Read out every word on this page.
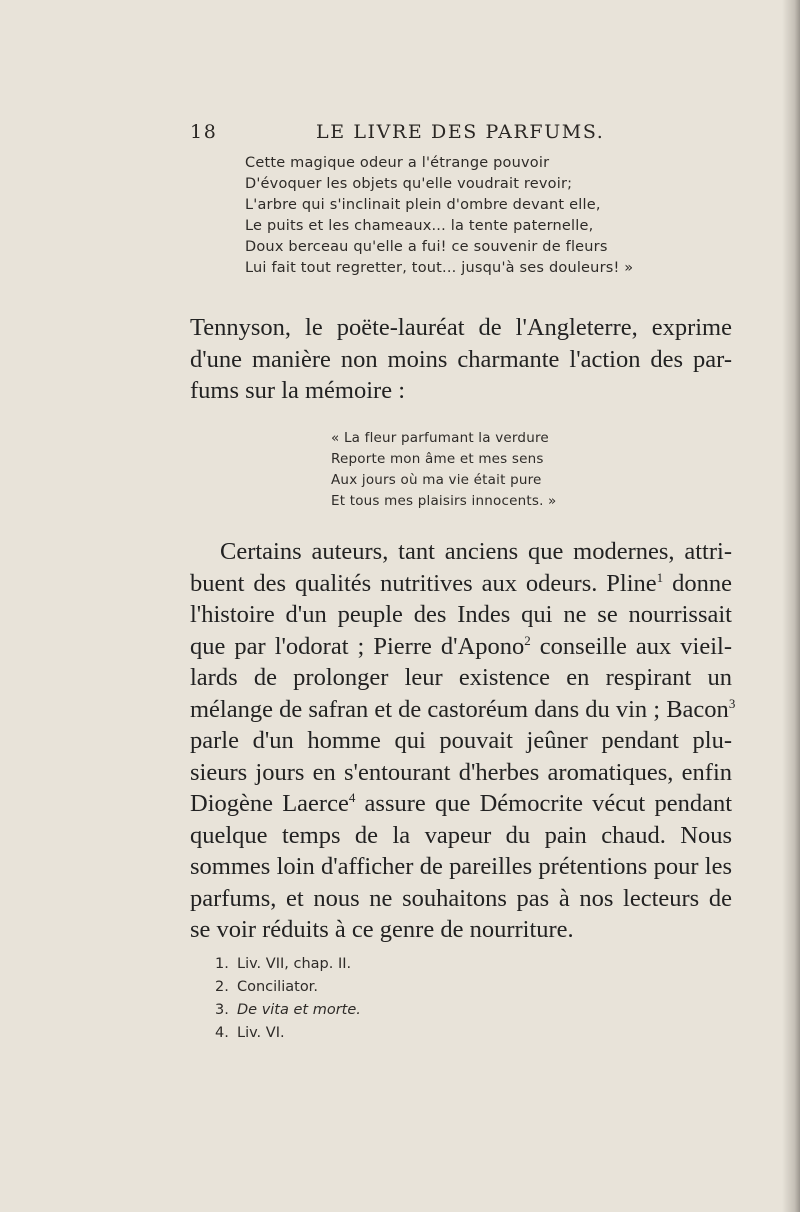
18	LE LIVRE DES PARFUMS.
Cette magique odeur a l'étrange pouvoir
D'évoquer les objets qu'elle voudrait revoir;
L'arbre qui s'inclinait plein d'ombre devant elle,
Le puits et les chameaux... la tente paternelle,
Doux berceau qu'elle a fui! ce souvenir de fleurs
Lui fait tout regretter, tout... jusqu'à ses douleurs! »
Tennyson, le poëte-lauréat de l'Angleterre, exprime
d'une manière non moins charmante l'action des par-
fums sur la mémoire :
« La fleur parfumant la verdure
Reporte mon âme et mes sens
Aux jours où ma vie était pure
Et tous mes plaisirs innocents. »
Certains auteurs, tant anciens que modernes, attri-
buent des qualités nutritives aux odeurs. Pline$^1$ donne
l'histoire d'un peuple des Indes qui ne se nourrissait
que par l'odorat ; Pierre d'Apono$^2$ conseille aux vieil-
lards de prolonger leur existence en respirant un
mélange de safran et de castoréum dans du vin ; Bacon$^3$
parle d'un homme qui pouvait jeûner pendant plu-
sieurs jours en s'entourant d'herbes aromatiques, enfin
Diogène Laerce$^4$ assure que Démocrite vécut pendant
quelque temps de la vapeur du pain chaud. Nous
sommes loin d'afficher de pareilles prétentions pour les
parfums, et nous ne souhaitons pas à nos lecteurs de
se voir réduits à ce genre de nourriture.
1. Liv. VII, chap. II.
2. Conciliator.
3. De vita et morte.
4. Liv. VI.
